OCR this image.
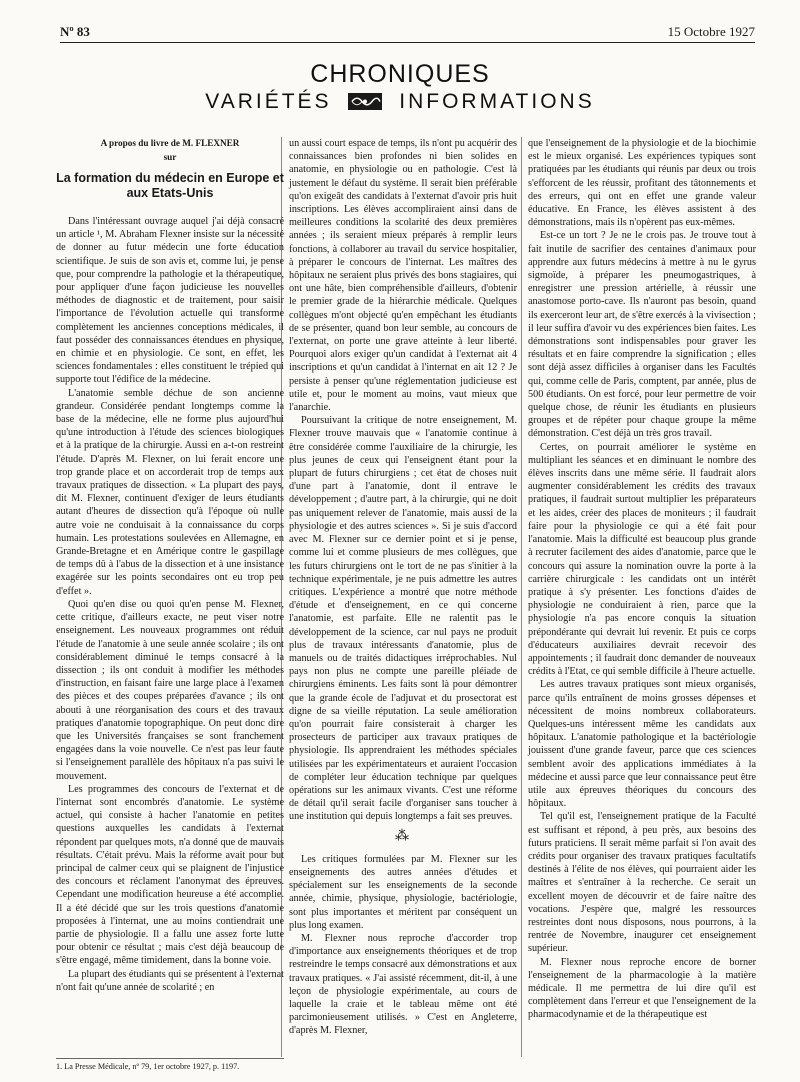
Nº 83	15 Octobre 1927
CHRONIQUES
VARIÉTÉS	INFORMATIONS
A propos du livre de M. FLEXNER
sur
La formation du médecin en Europe et aux Etats-Unis

Dans l'intéressant ouvrage auquel j'ai déjà consacré un article ¹, M. Abraham Flexner insiste sur la nécessité de donner au futur médecin une forte éducation scientifique. Je suis de son avis et, comme lui, je pense que, pour comprendre la pathologie et la thérapeutique, pour appliquer d'une façon judicieuse les nouvelles méthodes de diagnostic et de traitement, pour saisir l'importance de l'évolution actuelle qui transforme complètement les anciennes conceptions médicales, il faut posséder des connaissances étendues en physique, en chimie et en physiologie. Ce sont, en effet, les sciences fondamentales : elles constituent le trépied qui supporte tout l'édifice de la médecine.

L'anatomie semble déchue de son ancienne grandeur. Considérée pendant longtemps comme la base de la médecine, elle ne forme plus aujourd'hui qu'une introduction à l'étude des sciences biologiques et à la pratique de la chirurgie. Aussi en a-t-on restreint l'étude. D'après M. Flexner, on lui ferait encore une trop grande place et on accorderait trop de temps aux travaux pratiques de dissection. « La plupart des pays, dit M. Flexner, continuent d'exiger de leurs étudiants autant d'heures de dissection qu'à l'époque où nulle autre voie ne conduisait à la connaissance du corps humain. Les protestations soulevées en Allemagne, en Grande-Bretagne et en Amérique contre le gaspillage de temps dû à l'abus de la dissection et à une insistance exagérée sur les points secondaires ont eu trop peu d'effet ».

Quoi qu'en dise ou quoi qu'en pense M. Flexner, cette critique, d'ailleurs exacte, ne peut viser notre enseignement. Les nouveaux programmes ont réduit l'étude de l'anatomie à une seule année scolaire ; ils ont considérablement diminué le temps consacré à la dissection ; ils ont conduit à modifier les méthodes d'instruction, en faisant faire une large place à l'examen des pièces et des coupes préparées d'avance ; ils ont abouti à une réorganisation des cours et des travaux pratiques d'anatomie topographique. On peut donc dire que les Universités françaises se sont franchement engagées dans la voie nouvelle. Ce n'est pas leur faute si l'enseignement parallèle des hôpitaux n'a pas suivi le mouvement.

Les programmes des concours de l'externat et de l'internat sont encombrés d'anatomie. Le système actuel, qui consiste à hacher l'anatomie en petites questions auxquelles les candidats à l'externat répondent par quelques mots, n'a donné que de mauvais résultats. C'était prévu. Mais la réforme avait pour but principal de calmer ceux qui se plaignent de l'injustice des concours et réclament l'anonymat des épreuves. Cependant une modification heureuse a été accomplie. Il a été décidé que sur les trois questions d'anatomie proposées à l'internat, une au moins contiendrait une partie de physiologie. Il a fallu une assez forte lutte pour obtenir ce résultat ; mais c'est déjà beaucoup de s'être engagé, même timidement, dans la bonne voie.

La plupart des étudiants qui se présentent à l'externat n'ont fait qu'une année de scolarité ; en

un aussi court espace de temps, ils n'ont pu acquérir des connaissances bien profondes ni bien solides en anatomie, en physiologie ou en pathologie. C'est là justement le défaut du système. Il serait bien préférable qu'on exigeât des candidats à l'externat d'avoir pris huit inscriptions. Les élèves accompliraient ainsi dans de meilleures conditions la scolarité des deux premières années ; ils seraient mieux préparés à remplir leurs fonctions, à collaborer au travail du service hospitalier, à préparer le concours de l'internat. Les maîtres des hôpitaux ne seraient plus privés des bons stagiaires, qui ont une hâte, bien compréhensible d'ailleurs, d'obtenir le premier grade de la hiérarchie médicale. Quelques collègues m'ont objecté qu'en empêchant les étudiants de se présenter, quand bon leur semble, au concours de l'externat, on porte une grave atteinte à leur liberté. Pourquoi alors exiger qu'un candidat à l'externat ait 4 inscriptions et qu'un candidat à l'internat en ait 12 ? Je persiste à penser qu'une réglementation judicieuse est utile et, pour le moment au moins, vaut mieux que l'anarchie.

Poursuivant la critique de notre enseignement, M. Flexner trouve mauvais que « l'anatomie continue à être considérée comme l'auxiliaire de la chirurgie, les plus jeunes de ceux qui l'enseignent étant pour la plupart de futurs chirurgiens ; cet état de choses nuit d'une part à l'anatomie, dont il entrave le développement ; d'autre part, à la chirurgie, qui ne doit pas uniquement relever de l'anatomie, mais aussi de la physiologie et des autres sciences ». Si je suis d'accord avec M. Flexner sur ce dernier point et si je pense, comme lui et comme plusieurs de mes collègues, que les futurs chirurgiens ont le tort de ne pas s'initier à la technique expérimentale, je ne puis admettre les autres critiques. L'expérience a montré que notre méthode d'étude et d'enseignement, en ce qui concerne l'anatomie, est parfaite. Elle ne ralentit pas le développement de la science, car nul pays ne produit plus de travaux intéressants d'anatomie, plus de manuels ou de traités didactiques irréprochables. Nul pays non plus ne compte une pareille pléiade de chirurgiens éminents. Les faits sont là pour démontrer que la grande école de l'adjuvat et du prosectorat est digne de sa vieille réputation. La seule amélioration qu'on pourrait faire consisterait à charger les prosecteurs de participer aux travaux pratiques de physiologie. Ils apprendraient les méthodes spéciales utilisées par les expérimentateurs et auraient l'occasion de compléter leur éducation technique par quelques opérations sur les animaux vivants. C'est une réforme de détail qu'il serait facile d'organiser sans toucher à une institution qui depuis longtemps a fait ses preuves.

⁂

Les critiques formulées par M. Flexner sur les enseignements des autres années d'études et spécialement sur les enseignements de la seconde année, chimie, physique, physiologie, bactériologie, sont plus importantes et méritent par conséquent un plus long examen.

M. Flexner nous reproche d'accorder trop d'importance aux enseignements théoriques et de trop restreindre le temps consacré aux démonstrations et aux travaux pratiques. « J'ai assisté récemment, dit-il, à une leçon de physiologie expérimentale, au cours de laquelle la craie et le tableau même ont été parcimonieusement utilisés. » C'est en Angleterre, d'après M. Flexner,

que l'enseignement de la physiologie et de la biochimie est le mieux organisé. Les expériences typiques sont pratiquées par les étudiants qui réunis par deux ou trois s'efforcent de les réussir, profitant des tâtonnements et des erreurs, qui ont en effet une grande valeur éducative. En France, les élèves assistent à des démonstrations, mais ils n'opèrent pas eux-mêmes.

Est-ce un tort ? Je ne le crois pas. Je trouve tout à fait inutile de sacrifier des centaines d'animaux pour apprendre aux futurs médecins à mettre à nu le gyrus sigmoïde, à préparer les pneumogastriques, à enregistrer une pression artérielle, à réussir une anastomose porto-cave. Ils n'auront pas besoin, quand ils exerceront leur art, de s'être exercés à la vivisection ; il leur suffira d'avoir vu des expériences bien faites. Les démonstrations sont indispensables pour graver les résultats et en faire comprendre la signification ; elles sont déjà assez difficiles à organiser dans les Facultés qui, comme celle de Paris, comptent, par année, plus de 500 étudiants. On est forcé, pour leur permettre de voir quelque chose, de réunir les étudiants en plusieurs groupes et de répéter pour chaque groupe la même démonstration. C'est déjà un très gros travail.

Certes, on pourrait améliorer le système en multipliant les séances et en diminuant le nombre des élèves inscrits dans une même série. Il faudrait alors augmenter considérablement les crédits des travaux pratiques, il faudrait surtout multiplier les préparateurs et les aides, créer des places de moniteurs ; il faudrait faire pour la physiologie ce qui a été fait pour l'anatomie. Mais la difficulté est beaucoup plus grande à recruter facilement des aides d'anatomie, parce que le concours qui assure la nomination ouvre la porte à la carrière chirurgicale : les candidats ont un intérêt pratique à s'y présenter. Les fonctions d'aides de physiologie ne conduiraient à rien, parce que la physiologie n'a pas encore conquis la situation prépondérante qui devrait lui revenir. Et puis ce corps d'éducateurs auxiliaires devrait recevoir des appointements ; il faudrait donc demander de nouveaux crédits à l'Etat, ce qui semble difficile à l'heure actuelle.

Les autres travaux pratiques sont mieux organisés, parce qu'ils entraînent de moins grosses dépenses et nécessitent de moins nombreux collaborateurs. Quelques-uns intéressent même les candidats aux hôpitaux. L'anatomie pathologique et la bactériologie jouissent d'une grande faveur, parce que ces sciences semblent avoir des applications immédiates à la médecine et aussi parce que leur connaissance peut être utile aux épreuves théoriques du concours des hôpitaux.

Tel qu'il est, l'enseignement pratique de la Faculté est suffisant et répond, à peu près, aux besoins des futurs praticiens. Il serait même parfait si l'on avait des crédits pour organiser des travaux pratiques facultatifs destinés à l'élite de nos élèves, qui pourraient aider les maîtres et s'entraîner à la recherche. Ce serait un excellent moyen de découvrir et de faire naître des vocations. J'espère que, malgré les ressources restreintes dont nous disposons, nous pourrons, à la rentrée de Novembre, inaugurer cet enseignement supérieur.

M. Flexner nous reproche encore de borner l'enseignement de la pharmacologie à la matière médicale. Il me permettra de lui dire qu'il est complètement dans l'erreur et que l'enseignement de la pharmacodynamie et de la thérapeutique est

1. La Presse Médicale, nº 79, 1er octobre 1927, p. 1197.
